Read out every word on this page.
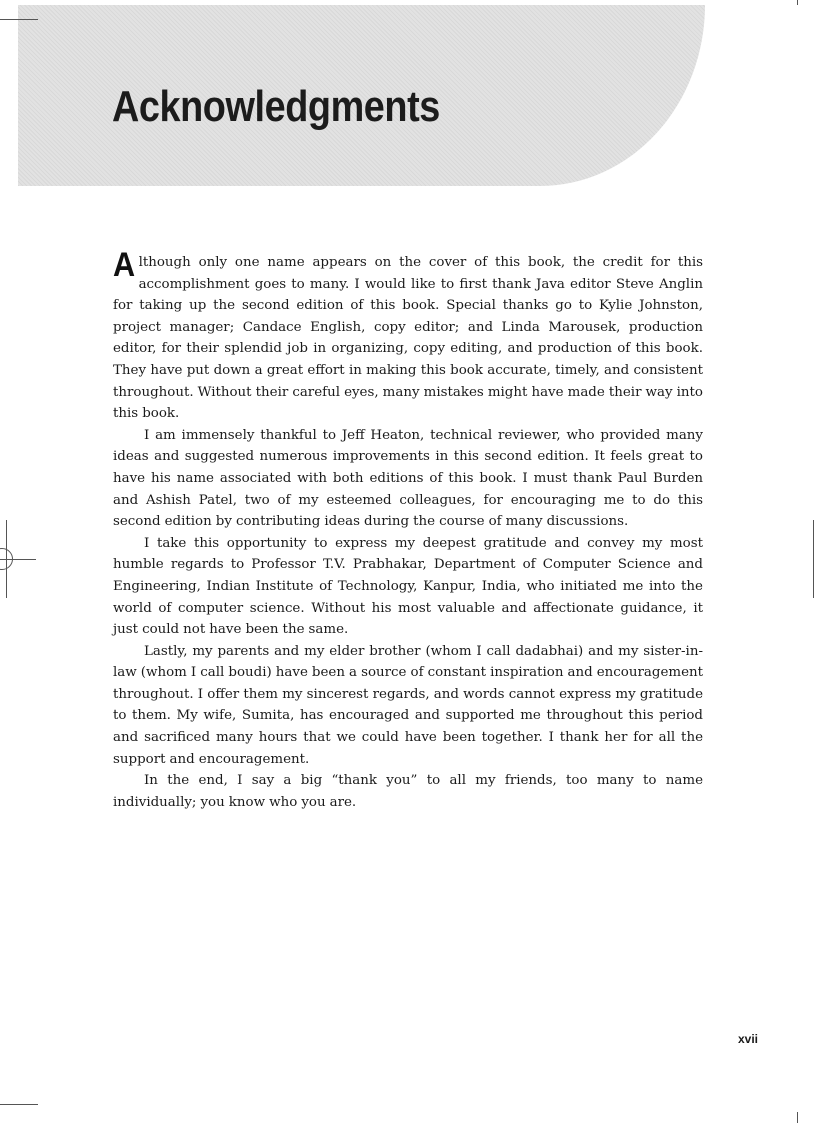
Acknowledgments

Although only one name appears on the cover of this book, the credit for this accomplishment goes to many. I would like to first thank Java editor Steve Anglin for taking up the second edition of this book. Special thanks go to Kylie Johnston, project manager; Candace English, copy editor; and Linda Marousek, production editor, for their splendid job in organizing, copy editing, and production of this book. They have put down a great effort in making this book accurate, timely, and consistent throughout. Without their careful eyes, many mistakes might have made their way into this book.

I am immensely thankful to Jeff Heaton, technical reviewer, who provided many ideas and suggested numerous improvements in this second edition. It feels great to have his name associated with both editions of this book. I must thank Paul Burden and Ashish Patel, two of my esteemed colleagues, for encouraging me to do this second edition by contributing ideas during the course of many discussions.

I take this opportunity to express my deepest gratitude and convey my most humble regards to Professor T.V. Prabhakar, Department of Computer Science and Engineering, Indian Institute of Technology, Kanpur, India, who initiated me into the world of computer science. Without his most valuable and affectionate guidance, it just could not have been the same.

Lastly, my parents and my elder brother (whom I call dadabhai) and my sister-in-law (whom I call boudi) have been a source of constant inspiration and encouragement throughout. I offer them my sincerest regards, and words cannot express my gratitude to them. My wife, Sumita, has encouraged and supported me throughout this period and sacrificed many hours that we could have been together. I thank her for all the support and encouragement.

In the end, I say a big “thank you” to all my friends, too many to name individually; you know who you are.

xvii
